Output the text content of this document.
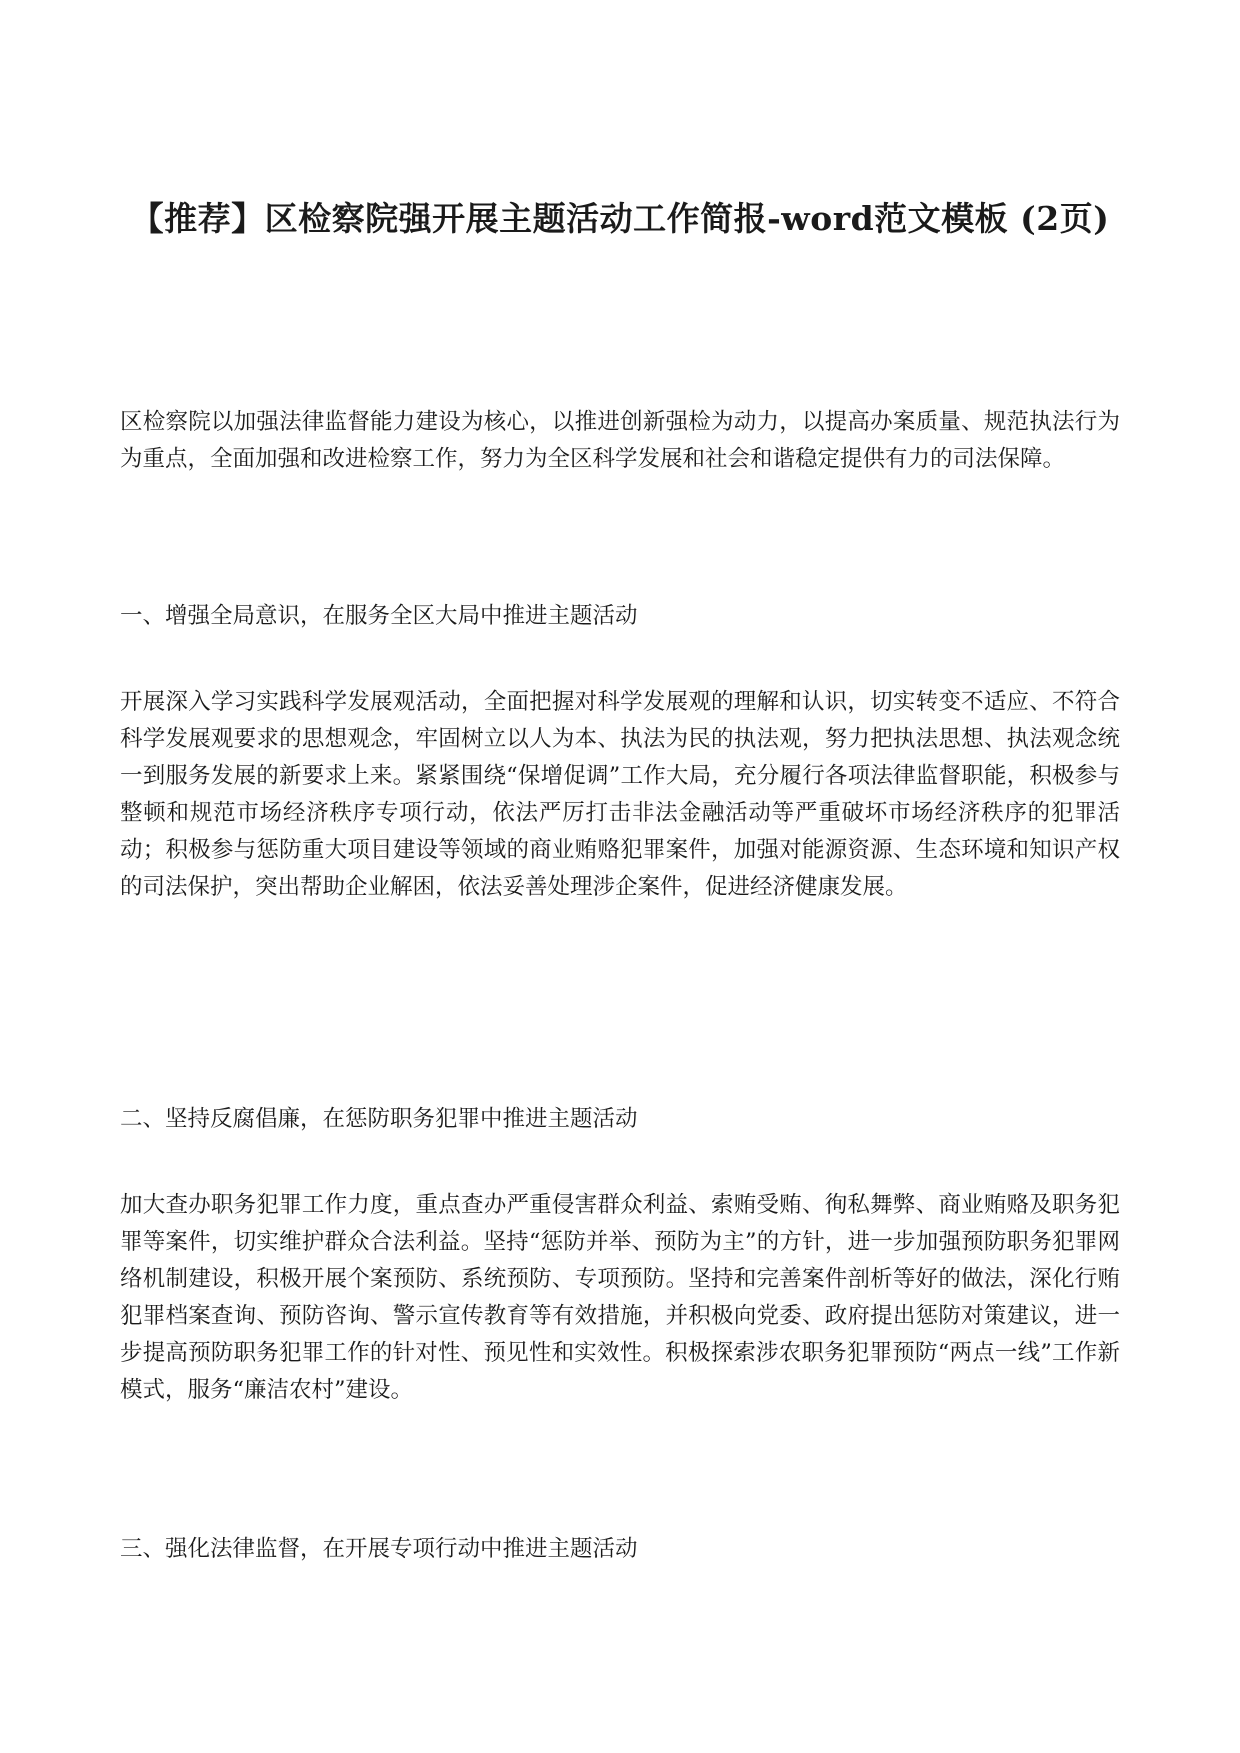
【推荐】区检察院强开展主题活动工作简报-word范文模板 (2页)

区检察院以加强法律监督能力建设为核心，以推进创新强检为动力，以提高办案质量、规范执法行为为重点，全面加强和改进检察工作，努力为全区科学发展和社会和谐稳定提供有力的司法保障。

一、增强全局意识，在服务全区大局中推进主题活动

开展深入学习实践科学发展观活动，全面把握对科学发展观的理解和认识，切实转变不适应、不符合科学发展观要求的思想观念，牢固树立以人为本、执法为民的执法观，努力把执法思想、执法观念统一到服务发展的新要求上来。紧紧围绕“保增促调”工作大局，充分履行各项法律监督职能，积极参与整顿和规范市场经济秩序专项行动，依法严厉打击非法金融活动等严重破坏市场经济秩序的犯罪活动；积极参与惩防重大项目建设等领域的商业贿赂犯罪案件，加强对能源资源、生态环境和知识产权的司法保护，突出帮助企业解困，依法妥善处理涉企案件，促进经济健康发展。

二、坚持反腐倡廉，在惩防职务犯罪中推进主题活动

加大查办职务犯罪工作力度，重点查办严重侵害群众利益、索贿受贿、徇私舞弊、商业贿赂及职务犯罪等案件，切实维护群众合法利益。坚持“惩防并举、预防为主”的方针，进一步加强预防职务犯罪网络机制建设，积极开展个案预防、系统预防、专项预防。坚持和完善案件剖析等好的做法，深化行贿犯罪档案查询、预防咨询、警示宣传教育等有效措施，并积极向党委、政府提出惩防对策建议，进一步提高预防职务犯罪工作的针对性、预见性和实效性。积极探索涉农职务犯罪预防“两点一线”工作新模式，服务“廉洁农村”建设。

三、强化法律监督，在开展专项行动中推进主题活动
